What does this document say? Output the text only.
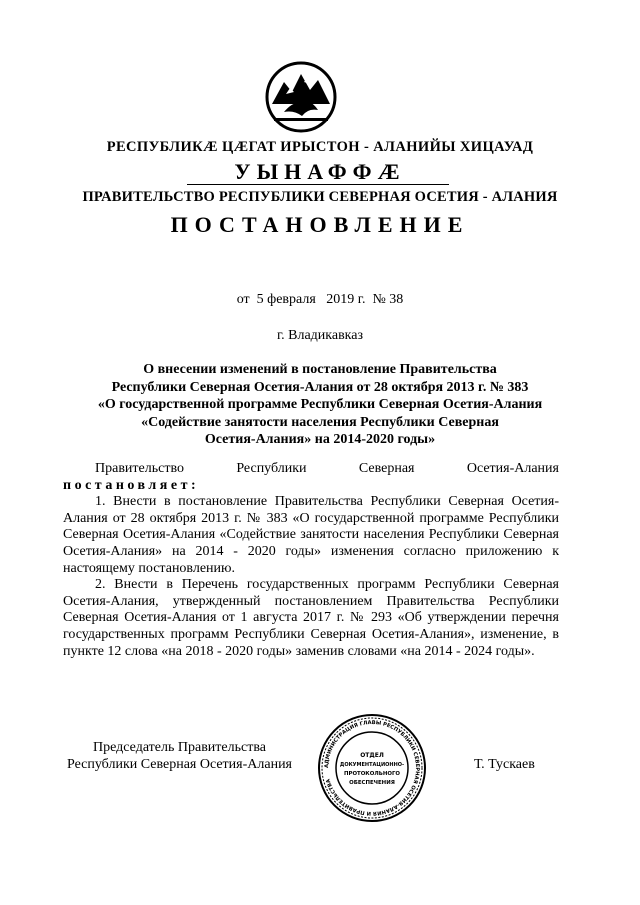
РЕСПУБЛИКӔ ЦӔГАТ ИРЫСТОН - АЛАНИЙЫ ХИЦАУАД
УЫНАФФӔ
ПРАВИТЕЛЬСТВО РЕСПУБЛИКИ СЕВЕРНАЯ ОСЕТИЯ - АЛАНИЯ
ПОСТАНОВЛЕНИЕ
от  5 февраля   2019 г.  № 38
г. Владикавказ
О внесении изменений в постановление Правительства
Республики Северная Осетия-Алания от 28 октября 2013 г. № 383
«О государственной программе Республики Северная Осетия-Алания
«Содействие занятости населения Республики Северная
Осетия-Алания» на 2014-2020 годы»
Правительство	Республики	Северная	Осетия-Алания
постановляет:

1. Внести в постановление Правительства Республики Северная Осетия-Алания от 28 октября 2013 г. № 383 «О государственной программе Республики Северная Осетия-Алания «Содействие занятости населения Республики Северная Осетия-Алания» на 2014 - 2020 годы» изменения согласно приложению к настоящему постановлению.

2. Внести в Перечень государственных программ Республики Северная Осетия-Алания, утвержденный постановлением Правительства Республики Северная Осетия-Алания от 1 августа 2017 г. № 293 «Об утверждении перечня государственных программ Республики Северная Осетия-Алания», изменение, в пункте 12 слова «на 2018 - 2020 годы» заменив словами «на 2014 - 2024 годы».

Председатель Правительства
Республики Северная Осетия-Алания	АДМИНИСТРАЦИЯ ГЛАВЫ РЕСПУБЛИКИ СЕВЕРНАЯ ОСЕТИЯ-АЛАНИЯ И ПРАВИТЕЛЬСТВА
ОТДЕЛ
ДОКУМЕНТАЦИОННО-
ПРОТОКОЛЬНОГО
ОБЕСПЕЧЕНИЯ
Т. Тускаев
